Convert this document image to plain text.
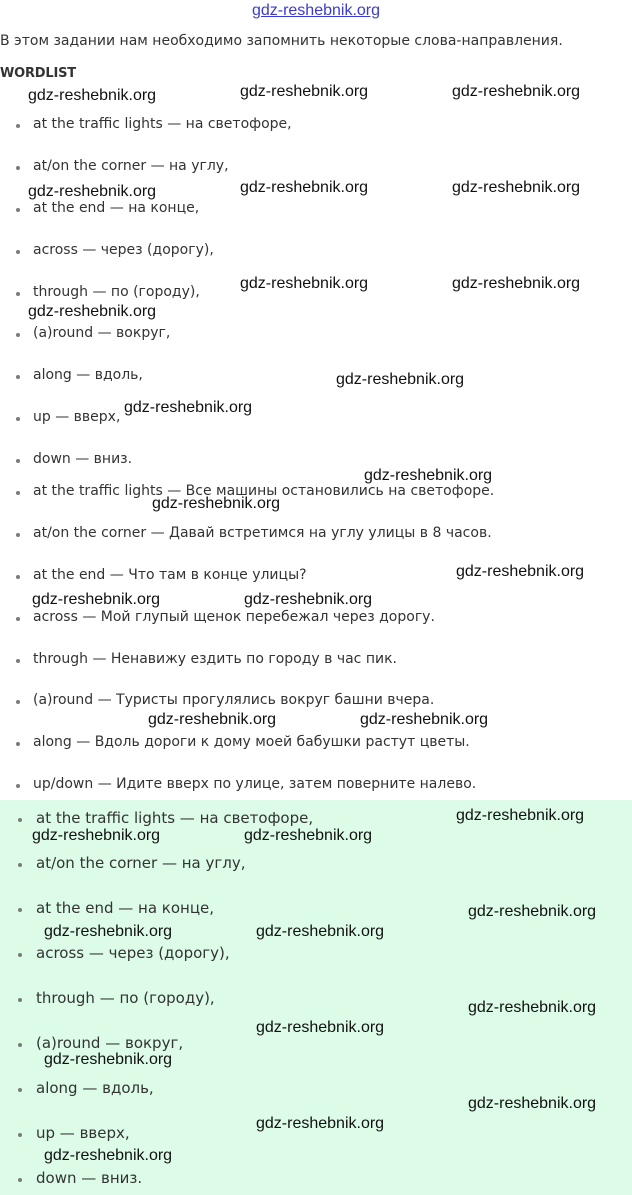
gdz-reshebnik.org
В этом задании нам необходимо запомнить некоторые слова-направления.
WORDLIST
at the traffic lights — на светофоре,
at/on the corner — на углу,
at the end — на конце,
across — через (дорогу),
through — по (городу),
(a)round — вокруг,
along — вдоль,
up — вверх,
down — вниз.
at the traffic lights — Все машины остановились на светофоре.
at/on the corner — Давай встретимся на углу улицы в 8 часов.
at the end — Что там в конце улицы?
across — Мой глупый щенок перебежал через дорогу.
through — Ненавижу ездить по городу в час пик.
(a)round — Туристы прогулялись вокруг башни вчера.
along — Вдоль дороги к дому моей бабушки растут цветы.
up/down — Идите вверх по улице, затем поверните налево.
at the traffic lights — на светофоре,
at/on the corner — на углу,
at the end — на конце,
across — через (дорогу),
through — по (городу),
(a)round — вокруг,
along — вдоль,
up — вверх,
down — вниз.
gdz-reshebnik.org	gdz-reshebnik.org	gdz-reshebnik.org
gdz-reshebnik.org	gdz-reshebnik.org	gdz-reshebnik.org
gdz-reshebnik.org	gdz-reshebnik.org
gdz-reshebnik.org
gdz-reshebnik.org
gdz-reshebnik.org
gdz-reshebnik.org
gdz-reshebnik.org
gdz-reshebnik.org
gdz-reshebnik.org	gdz-reshebnik.org
gdz-reshebnik.org	gdz-reshebnik.org
gdz-reshebnik.org
gdz-reshebnik.org	gdz-reshebnik.org
gdz-reshebnik.org
gdz-reshebnik.org	gdz-reshebnik.org
gdz-reshebnik.org
gdz-reshebnik.org
gdz-reshebnik.org
gdz-reshebnik.org
gdz-reshebnik.org
gdz-reshebnik.org
